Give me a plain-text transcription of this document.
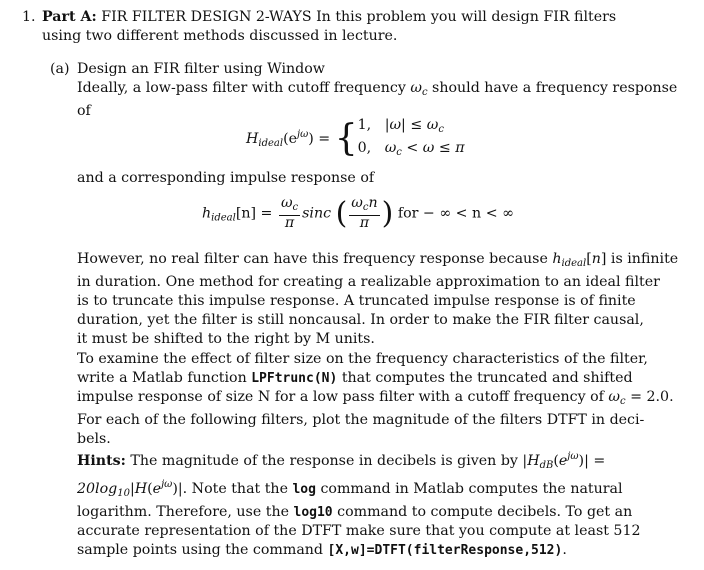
1. Part A: FIR FILTER DESIGN 2-WAYS In this problem you will design FIR filters
using two different methods discussed in lecture.
(a) Design an FIR filter using Window
Ideally, a low-pass filter with cutoff frequency $\omega_c$ should have a frequency response
of
$H_{ideal}(e^{j\omega})$ = { 1, $|\omega| \le \omega_c$
0, $\omega_c < \omega \le \pi$
and a corresponding impulse response of
$h_{ideal}[n] = \frac{\omega_c}{\pi}$ sinc ( $\frac{\omega_cn}{\pi}$ ) for − ∞ < n < ∞
However, no real filter can have this frequency response because $h_{ideal}[n]$ is infinite
in duration. One method for creating a realizable approximation to an ideal filter
is to truncate this impulse response. A truncated impulse response is of finite
duration, yet the filter is still noncausal. In order to make the FIR filter causal,
it must be shifted to the right by M units.
To examine the effect of filter size on the frequency characteristics of the filter,
write a Matlab function LPFtrunc(N) that computes the truncated and shifted
impulse response of size N for a low pass filter with a cutoff frequency of $\omega_c = 2.0$.
For each of the following filters, plot the magnitude of the filters DTFT in deci-
bels.
Hints: The magnitude of the response in decibels is given by $|H_{dB}(e^{j\omega})|$ =
$20\log_{10}|H(e^{j\omega})|$. Note that the log command in Matlab computes the natural
logarithm. Therefore, use the log10 command to compute decibels. To get an
accurate representation of the DTFT make sure that you compute at least 512
sample points using the command [X,w]=DTFT(filterResponse,512).
